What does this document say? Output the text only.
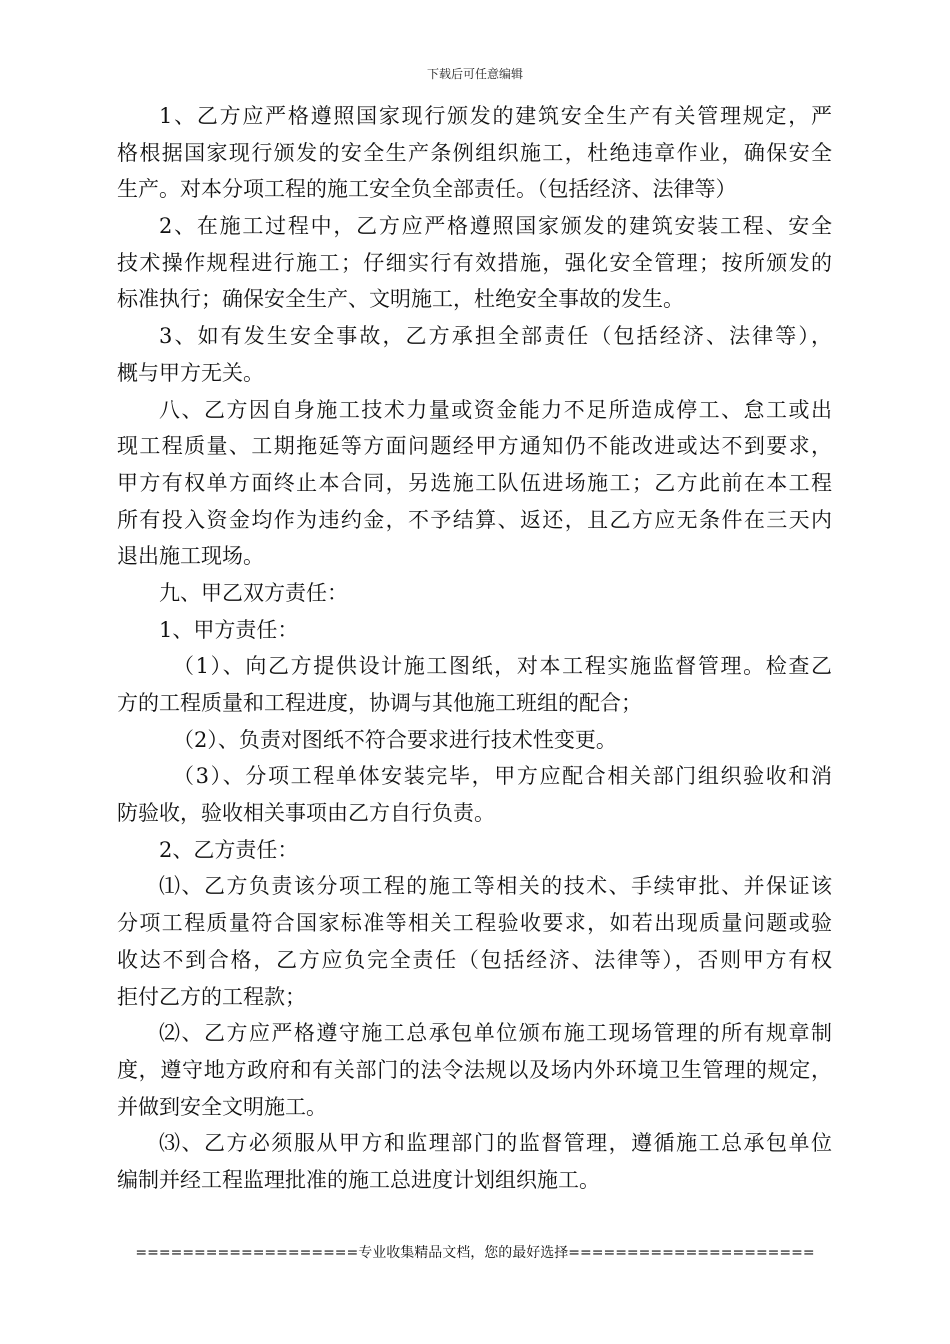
下载后可任意编辑
1、乙方应严格遵照国家现行颁发的建筑安全生产有关管理规定，严
格根据国家现行颁发的安全生产条例组织施工，杜绝违章作业，确保安全
生产。对本分项工程的施工安全负全部责任。（包括经济、法律等）
2、在施工过程中，乙方应严格遵照国家颁发的建筑安装工程、安全
技术操作规程进行施工；仔细实行有效措施，强化安全管理；按所颁发的
标准执行；确保安全生产、文明施工，杜绝安全事故的发生。
3、如有发生安全事故，乙方承担全部责任（包括经济、法律等），
概与甲方无关。
八、乙方因自身施工技术力量或资金能力不足所造成停工、怠工或出
现工程质量、工期拖延等方面问题经甲方通知仍不能改进或达不到要求，
甲方有权单方面终止本合同，另选施工队伍进场施工；乙方此前在本工程
所有投入资金均作为违约金，不予结算、返还，且乙方应无条件在三天内
退出施工现场。
九、甲乙双方责任：
1、甲方责任：
（1）、向乙方提供设计施工图纸，对本工程实施监督管理。检查乙
方的工程质量和工程进度，协调与其他施工班组的配合；
（2）、负责对图纸不符合要求进行技术性变更。
（3）、分项工程单体安装完毕，甲方应配合相关部门组织验收和消
防验收，验收相关事项由乙方自行负责。
2、乙方责任：
⑴、乙方负责该分项工程的施工等相关的技术、手续审批、并保证该
分项工程质量符合国家标准等相关工程验收要求，如若出现质量问题或验
收达不到合格，乙方应负完全责任（包括经济、法律等），否则甲方有权
拒付乙方的工程款；
⑵、乙方应严格遵守施工总承包单位颁布施工现场管理的所有规章制
度，遵守地方政府和有关部门的法令法规以及场内外环境卫生管理的规定，
并做到安全文明施工。
⑶、乙方必须服从甲方和监理部门的监督管理，遵循施工总承包单位
编制并经工程监理批准的施工总进度计划组织施工。
===================专业收集精品文档，您的最好选择=====================
